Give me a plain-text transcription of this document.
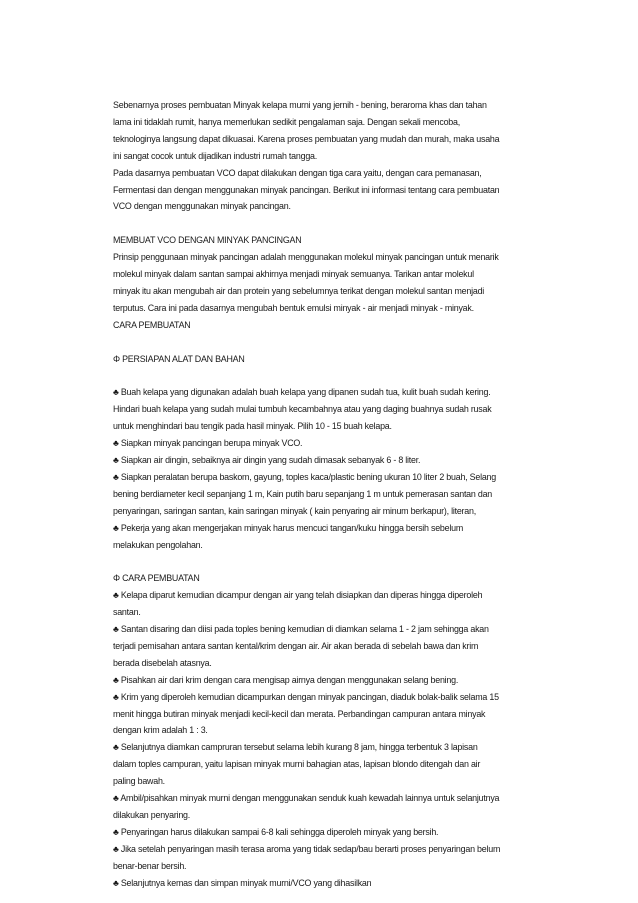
Sebenarnya proses pembuatan Minyak kelapa murni yang jernih - bening, beraroma khas dan tahan

lama ini tidaklah rumit, hanya memerlukan sedikit pengalaman saja. Dengan sekali mencoba,

teknologinya langsung dapat dikuasai. Karena proses pembuatan yang mudah dan murah, maka usaha

ini sangat cocok untuk dijadikan industri rumah tangga.

Pada dasarnya pembuatan VCO dapat dilakukan dengan tiga cara yaitu, dengan cara pemanasan,

Fermentasi dan dengan menggunakan minyak pancingan. Berikut ini informasi tentang cara pembuatan

VCO dengan menggunakan minyak pancingan.

MEMBUAT VCO DENGAN MINYAK PANCINGAN

Prinsip penggunaan minyak pancingan adalah menggunakan molekul minyak pancingan untuk menarik

molekul minyak dalam santan sampai akhirnya menjadi minyak semuanya. Tarikan antar molekul

minyak itu akan mengubah air dan protein yang sebelumnya terikat dengan molekul santan menjadi

terputus. Cara ini pada dasarnya mengubah bentuk emulsi minyak - air menjadi minyak - minyak.

CARA PEMBUATAN

Φ PERSIAPAN ALAT DAN BAHAN

♣ Buah kelapa yang digunakan adalah buah kelapa yang dipanen sudah tua, kulit buah sudah kering.

Hindari buah kelapa yang sudah mulai tumbuh kecambahnya atau yang daging buahnya sudah rusak

untuk menghindari bau tengik pada hasil minyak. Pilih 10 - 15 buah kelapa.

♣ Siapkan minyak pancingan berupa minyak VCO.

♣ Siapkan air dingin, sebaiknya air dingin yang sudah dimasak sebanyak 6 - 8 liter.

♣ Siapkan peralatan berupa baskom, gayung, toples kaca/plastic bening ukuran 10 liter 2 buah, Selang

bening berdiameter kecil sepanjang 1 m, Kain putih baru sepanjang 1 m untuk pemerasan santan dan

penyaringan, saringan santan, kain saringan minyak ( kain penyaring air minum berkapur), literan,

♣ Pekerja yang akan mengerjakan minyak harus mencuci tangan/kuku hingga bersih sebelum

melakukan pengolahan.

Φ CARA PEMBUATAN

♣ Kelapa diparut kemudian dicampur dengan air yang telah disiapkan dan diperas hingga diperoleh

santan.

♣ Santan disaring dan diisi pada toples bening kemudian di diamkan selama 1 - 2 jam sehingga akan

terjadi pemisahan antara santan kental/krim dengan air. Air akan berada di sebelah bawa dan krim

berada disebelah atasnya.

♣ Pisahkan air dari krim dengan cara mengisap airnya dengan menggunakan selang bening.

♣ Krim yang diperoleh kemudian dicampurkan dengan minyak pancingan, diaduk bolak-balik selama 15

menit hingga butiran minyak menjadi kecil-kecil dan merata. Perbandingan campuran antara minyak

dengan krim adalah 1 : 3.

♣ Selanjutnya diamkan campruran tersebut selama lebih kurang 8 jam, hingga terbentuk 3 lapisan

dalam toples campuran, yaitu lapisan minyak murni bahagian atas, lapisan blondo ditengah dan air

paling bawah.

♣ Ambil/pisahkan minyak murni dengan menggunakan senduk kuah kewadah lainnya untuk selanjutnya

dilakukan penyaring.

♣ Penyaringan harus dilakukan sampai 6-8 kali sehingga diperoleh minyak yang bersih.

♣ Jika setelah penyaringan masih terasa aroma yang tidak sedap/bau berarti proses penyaringan belum

benar-benar bersih.

♣ Selanjutnya kemas dan simpan minyak murni/VCO yang dihasilkan
